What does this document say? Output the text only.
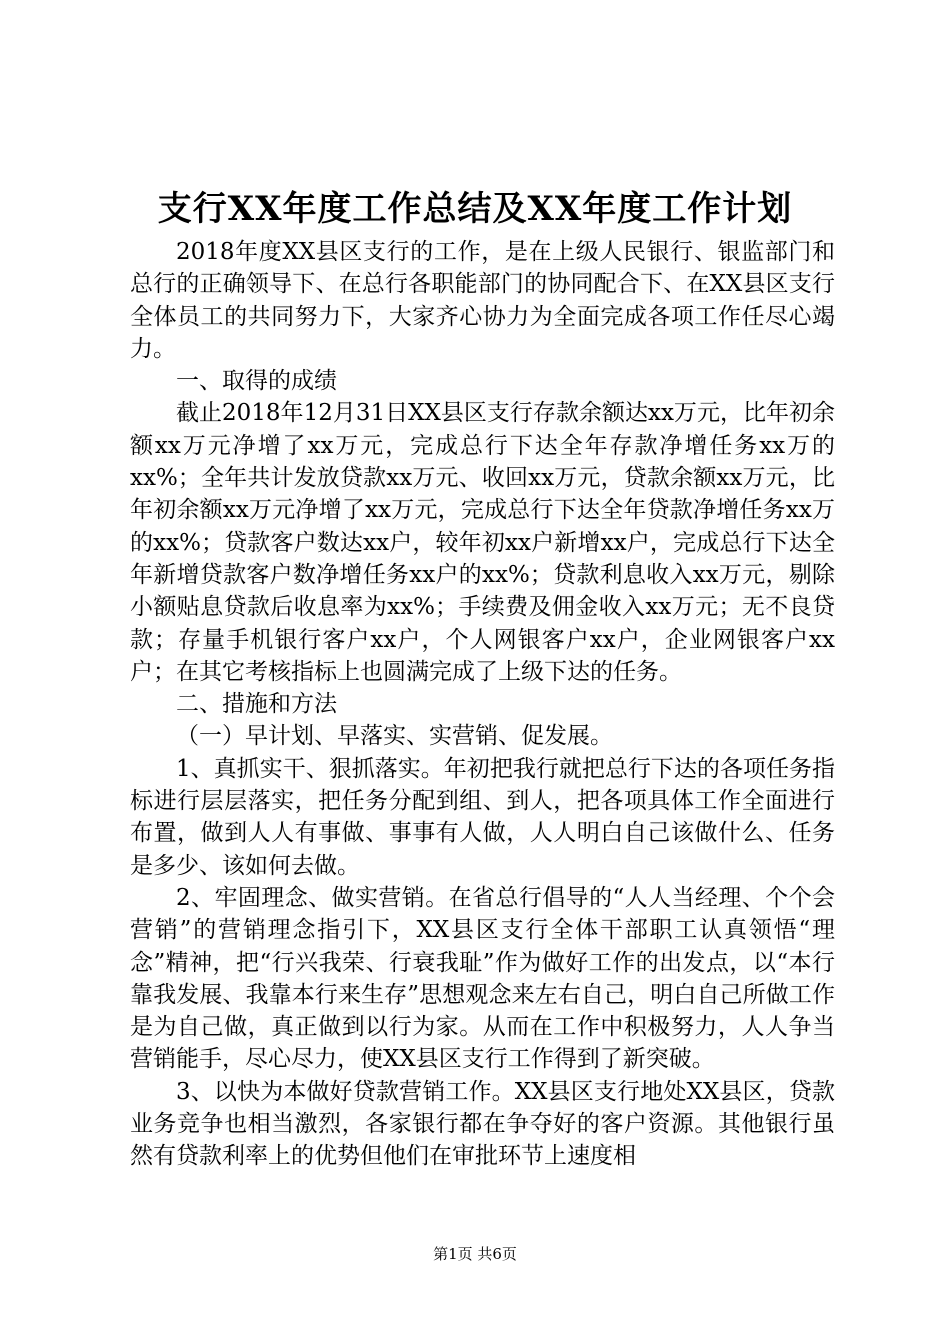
支行XX年度工作总结及XX年度工作计划

2018年度XX县区支行的工作，是在上级人民银行、银监部门和总行的正确领导下、在总行各职能部门的协同配合下、在XX县区支行全体员工的共同努力下，大家齐心协力为全面完成各项工作任尽心竭力。

一、取得的成绩

截止2018年12月31日XX县区支行存款余额达xx万元，比年初余额xx万元净增了xx万元，完成总行下达全年存款净增任务xx万的xx%；全年共计发放贷款xx万元、收回xx万元，贷款余额xx万元，比年初余额xx万元净增了xx万元，完成总行下达全年贷款净增任务xx万的xx%；贷款客户数达xx户，较年初xx户新增xx户，完成总行下达全年新增贷款客户数净增任务xx户的xx%；贷款利息收入xx万元，剔除小额贴息贷款后收息率为xx%；手续费及佣金收入xx万元；无不良贷款；存量手机银行客户xx户，个人网银客户xx户，企业网银客户xx户；在其它考核指标上也圆满完成了上级下达的任务。

二、措施和方法

（一）早计划、早落实、实营销、促发展。

1、真抓实干、狠抓落实。年初把我行就把总行下达的各项任务指标进行层层落实，把任务分配到组、到人，把各项具体工作全面进行布置，做到人人有事做、事事有人做，人人明白自己该做什么、任务是多少、该如何去做。

2、牢固理念、做实营销。在省总行倡导的“人人当经理、个个会营销”的营销理念指引下，XX县区支行全体干部职工认真领悟“理念”精神，把“行兴我荣、行衰我耻”作为做好工作的出发点，以“本行靠我发展、我靠本行来生存”思想观念来左右自己，明白自己所做工作是为自己做，真正做到以行为家。从而在工作中积极努力，人人争当营销能手，尽心尽力，使XX县区支行工作得到了新突破。

3、以快为本做好贷款营销工作。XX县区支行地处XX县区，贷款业务竞争也相当激烈，各家银行都在争夺好的客户资源。其他银行虽然有贷款利率上的优势但他们在审批环节上速度相

第1页 共6页
